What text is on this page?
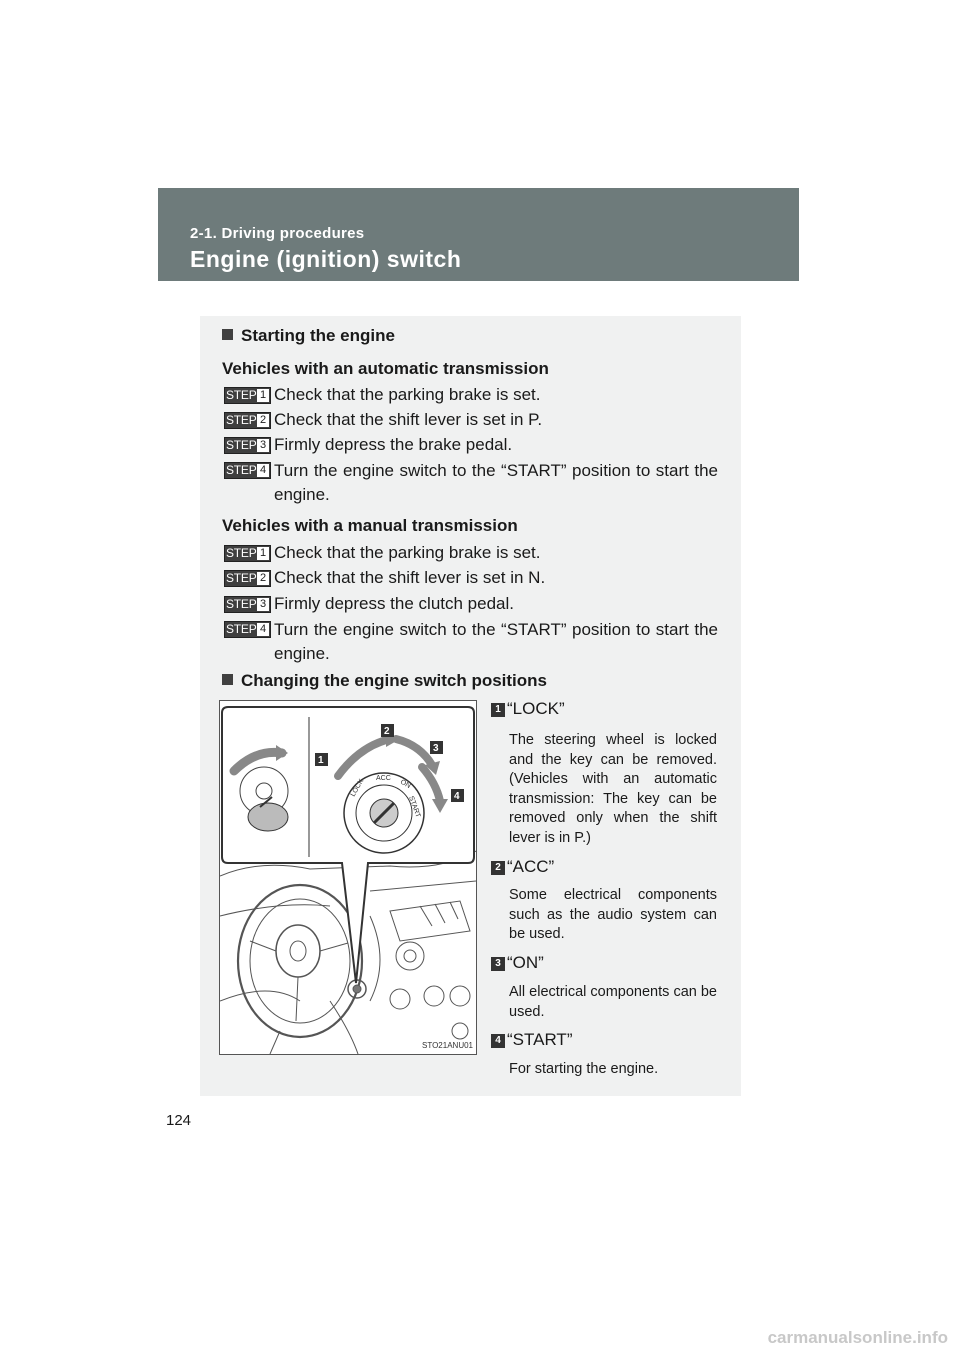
2-1. Driving procedures
Engine (ignition) switch
Starting the engine
Vehicles with an automatic transmission
STEP 1 Check that the parking brake is set.
STEP 2 Check that the shift lever is set in P.
STEP 3 Firmly depress the brake pedal.
STEP 4 Turn the engine switch to the “START” position to start the engine.
Vehicles with a manual transmission
STEP 1 Check that the parking brake is set.
STEP 2 Check that the shift lever is set in N.
STEP 3 Firmly depress the clutch pedal.
STEP 4 Turn the engine switch to the “START” position to start the engine.
Changing the engine switch positions
LOCK ACC
ON
START
1
2
3
4
STO21ANU01
1 “LOCK”
The steering wheel is locked and the key can be removed. (Vehicles with an automatic transmission: The key can be removed only when the shift lever is in P.)
2 “ACC”
Some electrical components such as the audio system can be used.
3 “ON”
All electrical components can be used.
4 “START”
For starting the engine.
124
carmanualsonline.info
